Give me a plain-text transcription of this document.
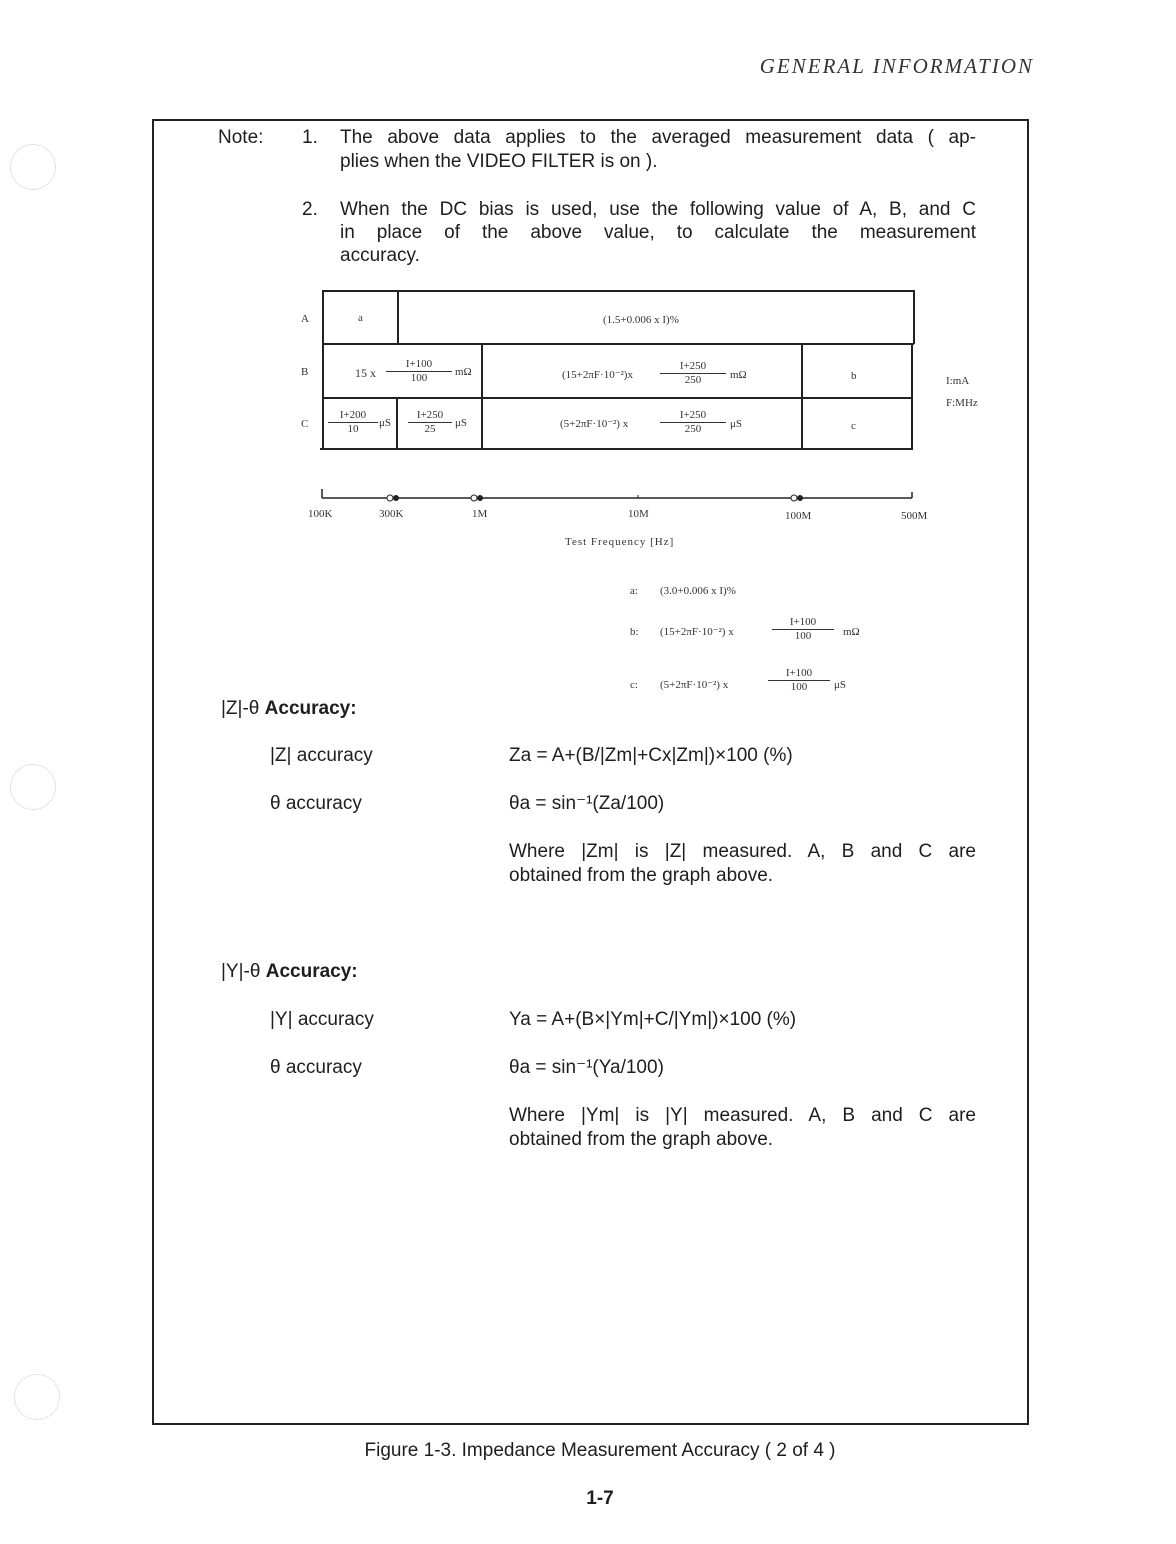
GENERAL INFORMATION
Note: 1. The above data applies to the averaged measurement data ( ap-
plies when the VIDEO FILTER is on ).
2. When the DC bias is used, use the following value of A, B, and C
in place of the above value, to calculate the measurement
accuracy.
A
B
C
a	(1.5+0.006 x I)%
15 x $\frac{I+100}{100}$ mΩ	$(15+2\pi F\cdot 10^{-2})x \frac{I+250}{250}$ mΩ	b
$\frac{I+200}{10}$ μS $\frac{I+250}{25}$ μS	(5+2πF·10⁻²) x	$\frac{I+250}{250}$ μS	c
I:mA
F:MHz
100K	300K	1M	10M	100M	500M
Test Frequency [Hz]
a: (3.0+0.006 x I)%
b: (15+2πF·10⁻²) x	$\frac{I+100}{100}$ mΩ
c: (5+2πF·10⁻²) x	$\frac{I+100}{100}$ μS
|Z|-θ Accuracy:
|Z| accuracy	Za = A+(B/|Zm|+Cx|Zm|)×100 (%)
θ accuracy	θa = sin⁻¹(Za/100)
Where |Zm| is |Z| measured. A, B and C are
obtained from the graph above.
|Y|-θ Accuracy:
|Y| accuracy	Ya = A+(B×|Ym|+C/|Ym|)×100 (%)
θ accuracy	θa = sin⁻¹(Ya/100)
Where |Ym| is |Y| measured. A, B and C are
obtained from the graph above.
Figure 1-3. Impedance Measurement Accuracy ( 2 of 4 )
1-7
